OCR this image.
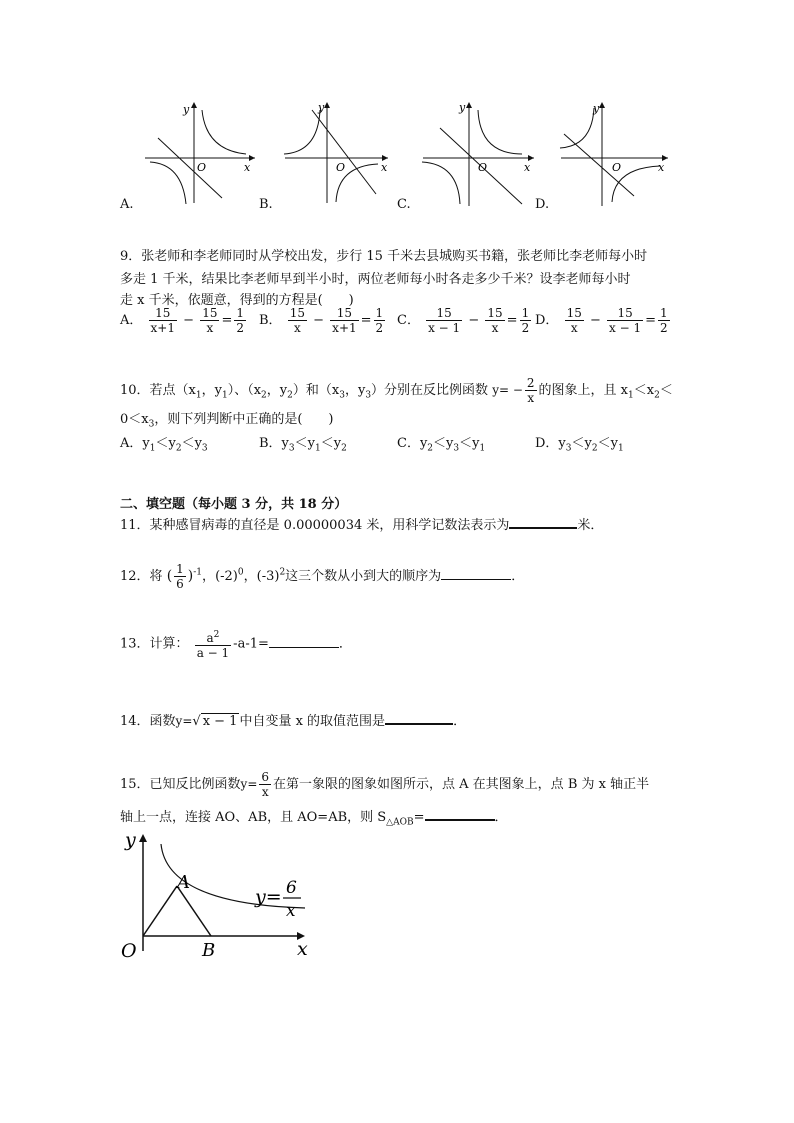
y
O	x
y
O	x
y
O	x
y
O	x
A.	B.	C.	D.
9．张老师和李老师同时从学校出发，步行 15 千米去县城购买书籍，张老师比李老师每小时
多走 1 千米，结果比李老师早到半小时，两位老师每小时各走多少千米？设李老师每小时
走 x 千米，依题意，得到的方程是(　　)
A． $\frac{15}{x+1} - \frac{15}{x} = \frac{1}{2}$ B． $\frac{15}{x} - \frac{15}{x+1} = \frac{1}{2}$ C． $\frac{15}{x - 1} - \frac{15}{x} = \frac{1}{2}$ D． $\frac{15}{x} - \frac{15}{x - 1} = \frac{1}{2}$
10．若点（$x_1$，$y_1$）、（$x_2$，$y_2$）和（$x_3$，$y_3$）分别在反比例函数 $y= - \frac{2}{x}$ 的图象上，且 $x_1<x_2<$
$0<x_3$，则下列判断中正确的是(　　)
A．$y_1<y_2<y_3$	B．$y_3<y_1<y_2$	C．$y_2<y_3<y_1$	D．$y_3<y_2<y_1$
二、填空题（每小题 3 分，共 18 分）
11．某种感冒病毒的直径是 0.00000034 米，用科学记数法表示为	米．
12．将 ( $\frac{1}{6} )^{-1}$，$(-2)^0$，$(-3)^2$这三个数从小到大的顺序为	．
13．计算： $\frac{a^2}{a - 1} -a-1=$	．
14．函数y=√ x − 1 中自变量 x 的取值范围是	．
15．已知反比例函数$y= \frac{6}{x}$ 在第一象限的图象如图所示，点 A 在其图象上，点 B 为 x 轴正半
轴上一点，连接 AO、AB，且 AO=AB，则 $S_{\triangle AOB}=$	．
y
x
O
A
B
y= 6
x
